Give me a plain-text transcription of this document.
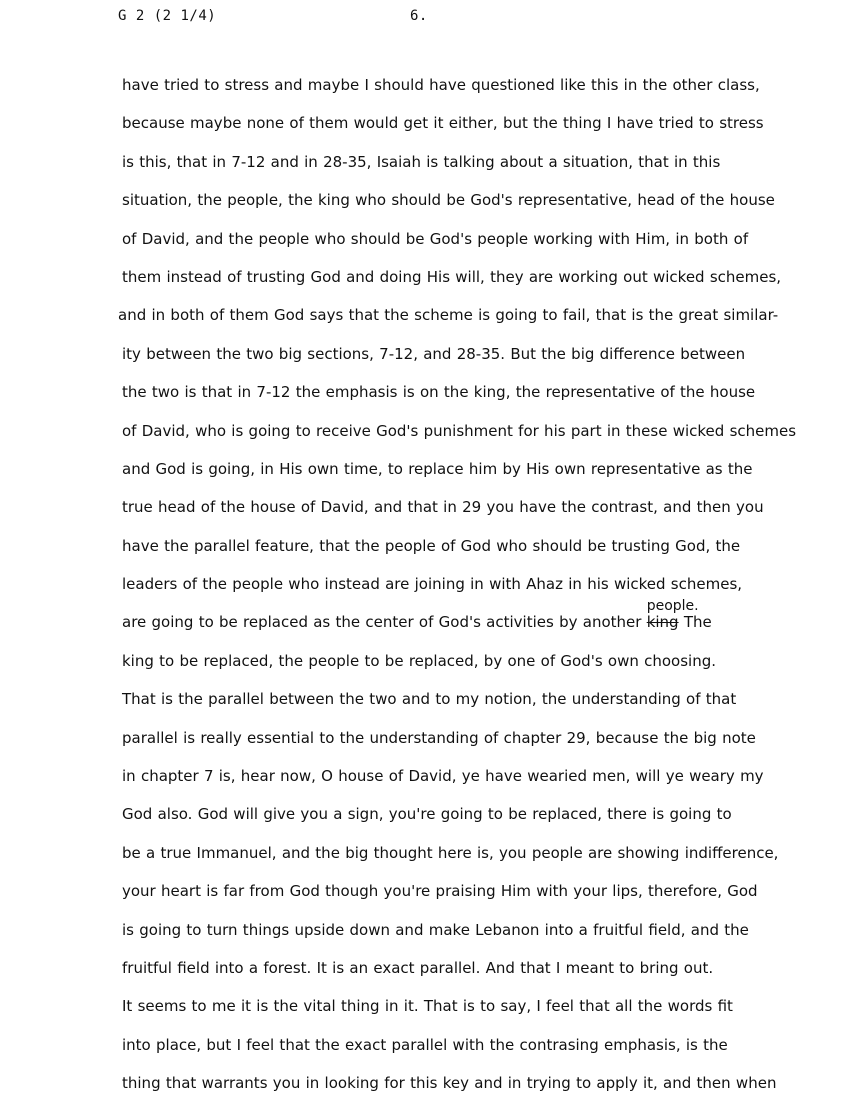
G 2 (2 1/4)	6.
have tried to stress and maybe I should have questioned like this in the other class,
because maybe none of them would get it either, but the thing I have tried to stress
is this, that in 7-12 and in 28-35, Isaiah is talking about a situation, that in this
situation, the people, the king who should be God's representative, head of the house
of David, and the people who should be God's people working with Him, in both of
them instead of trusting God and doing His will, they are working out wicked schemes,
and in both of them God says that the scheme is going to fail, that is the great similar-
ity between the two big sections, 7-12, and 28-35. But the big difference between
the two is that in 7-12 the emphasis is on the king, the representative of the house
of David, who is going to receive God's punishment for his part in these wicked schemes
and God is going, in His own time, to replace him by His own representative as the
true head of the house of David, and that in 29 you have the contrast, and then you
have the parallel feature, that the people of God who should be trusting God, the
leaders of the people who instead are joining in with Ahaz in his wicked schemes,
are going to be replaced as the center of God's activities by another
people.
king The
king to be replaced, the people to be replaced, by one of God's own choosing.
That is the parallel between the two and to my notion, the understanding of that
parallel is really essential to the understanding of chapter 29, because the big note
in chapter 7 is, hear now, O house of David, ye have wearied men, will ye weary my
God also. God will give you a sign, you're going to be replaced, there is going to
be a true Immanuel, and the big thought here is, you people are showing indifference,
your heart is far from God though you're praising Him with your lips, therefore, God
is going to turn things upside down and make Lebanon into a fruitful field, and the
fruitful field into a forest. It is an exact parallel. And that I meant to bring out.
It seems to me it is the vital thing in it. That is to say, I feel that all the words fit
into place, but I feel that the exact parallel with the contrasing emphasis, is the
thing that warrants you in looking for this key and in trying to apply it, and then when
